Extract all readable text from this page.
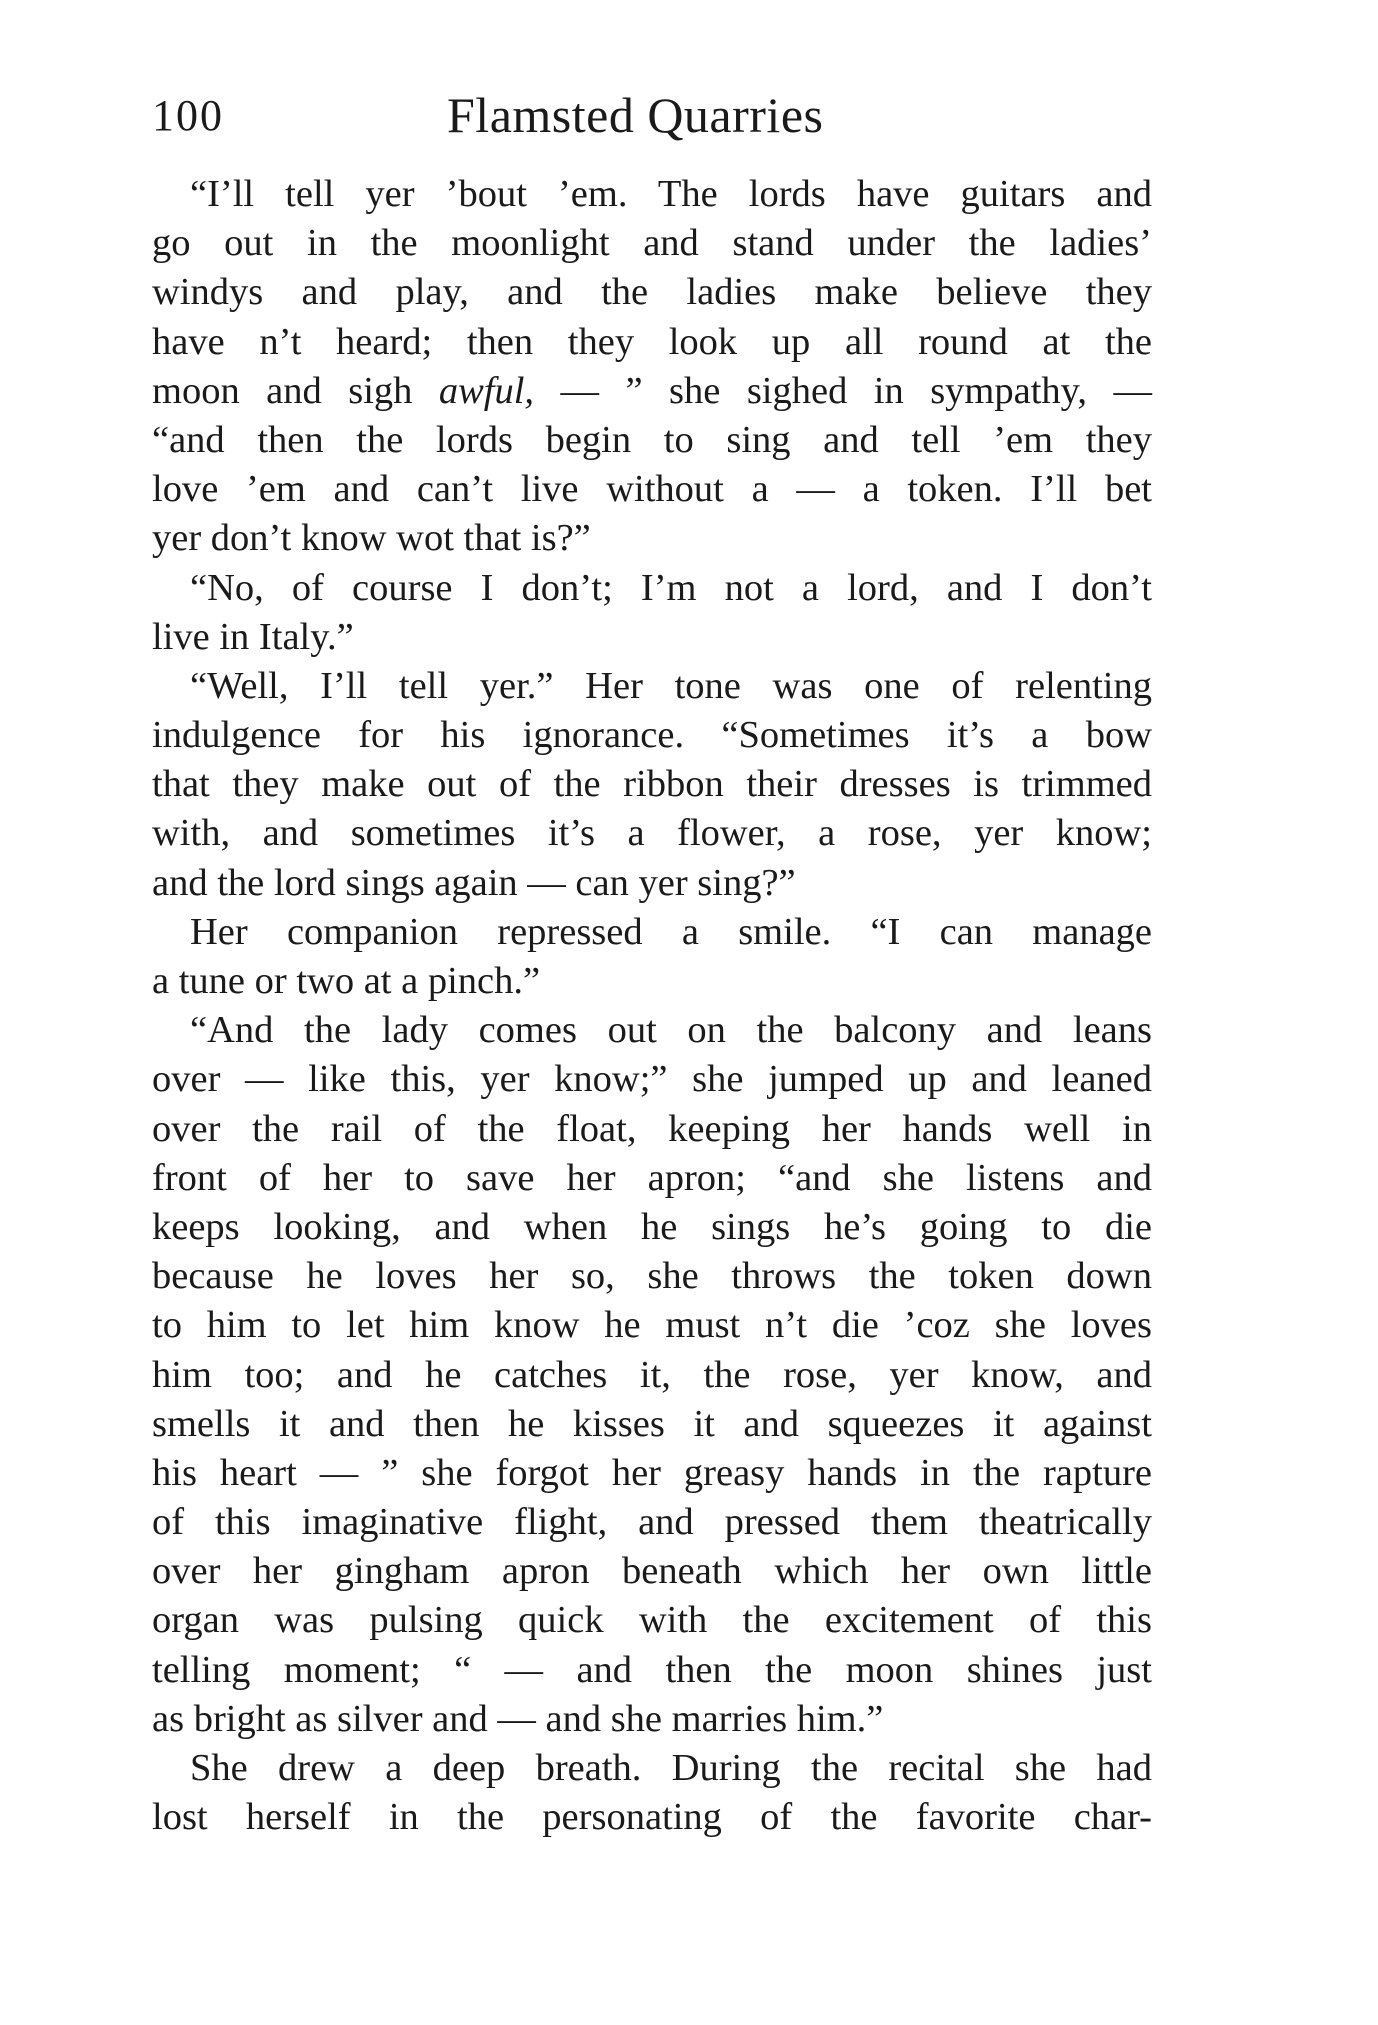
100	Flamsted Quarries

“I’ll tell yer ’bout ’em. The lords have guitars and
go out in the moonlight and stand under the ladies’
windys and play, and the ladies make believe they
have n’t heard; then they look up all round at the
moon and sigh awful, — ” she sighed in sympathy, —
“and then the lords begin to sing and tell ’em they
love ’em and can’t live without a — a token. I’ll bet
yer don’t know wot that is?”

“No, of course I don’t; I’m not a lord, and I don’t
live in Italy.”

“Well, I’ll tell yer.” Her tone was one of relenting
indulgence for his ignorance. “Sometimes it’s a bow
that they make out of the ribbon their dresses is trimmed
with, and sometimes it’s a flower, a rose, yer know;
and the lord sings again — can yer sing?”

Her companion repressed a smile. “I can manage
a tune or two at a pinch.”

“And the lady comes out on the balcony and leans
over — like this, yer know;” she jumped up and leaned
over the rail of the float, keeping her hands well in
front of her to save her apron; “and she listens and
keeps looking, and when he sings he’s going to die
because he loves her so, she throws the token down
to him to let him know he must n’t die ’coz she loves
him too; and he catches it, the rose, yer know, and
smells it and then he kisses it and squeezes it against
his heart — ” she forgot her greasy hands in the rapture
of this imaginative flight, and pressed them theatrically
over her gingham apron beneath which her own little
organ was pulsing quick with the excitement of this
telling moment; “ — and then the moon shines just
as bright as silver and — and she marries him.”

She drew a deep breath. During the recital she had
lost herself in the personating of the favorite char-
